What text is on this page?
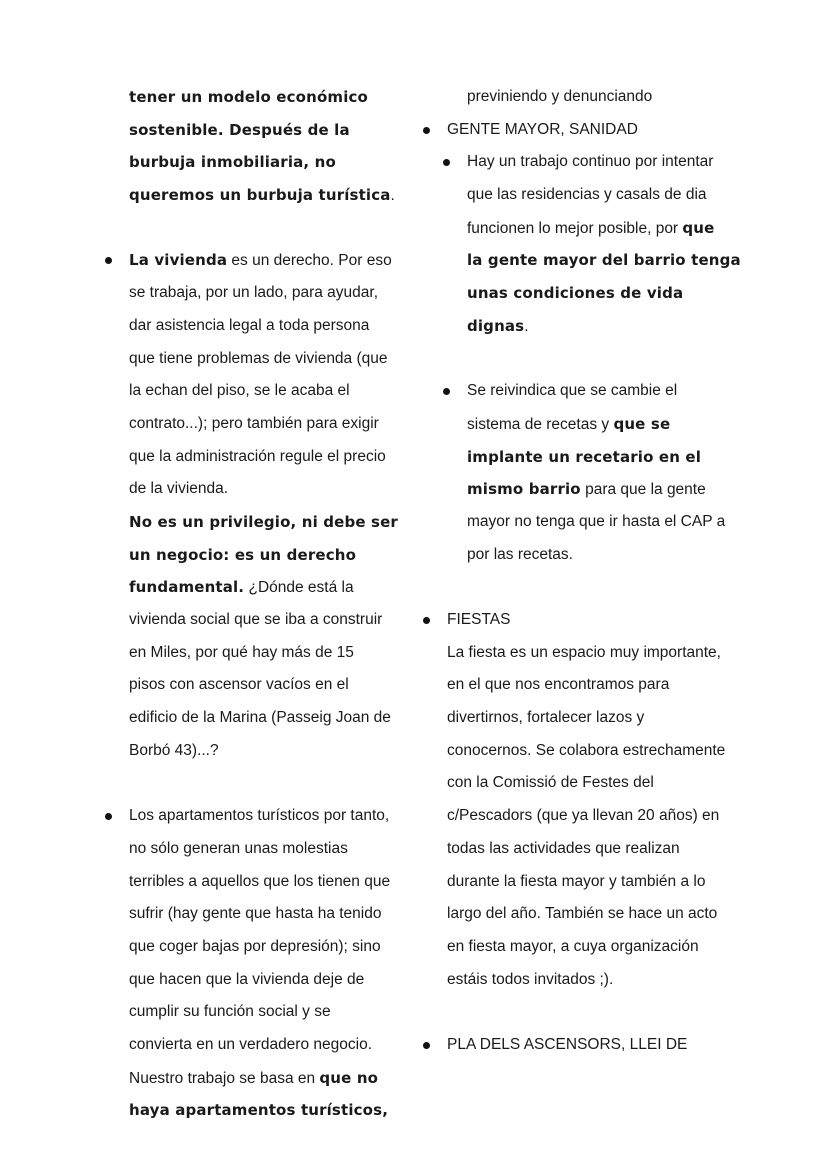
tener un modelo económico
sostenible. Después de la
burbuja inmobiliaria, no
queremos un burbuja turística.
La vivienda es un derecho. Por eso
se trabaja, por un lado, para ayudar,
dar asistencia legal a toda persona
que tiene problemas de vivienda (que
la echan del piso, se le acaba el
contrato...); pero también para exigir
que la administración regule el precio
de la vivienda.
No es un privilegio, ni debe ser
un negocio: es un derecho
fundamental. ¿Dónde está la
vivienda social que se iba a construir
en Miles, por qué hay más de 15
pisos con ascensor vacíos en el
edificio de la Marina (Passeig Joan de
Borbó 43)...?
Los apartamentos turísticos por tanto,
no sólo generan unas molestias
terribles a aquellos que los tienen que
sufrir (hay gente que hasta ha tenido
que coger bajas por depresión); sino
que hacen que la vivienda deje de
cumplir su función social y se
convierta en un verdadero negocio.
Nuestro trabajo se basa en que no
haya apartamentos turísticos,
previniendo y denunciando
GENTE MAYOR, SANIDAD
Hay un trabajo continuo por intentar
que las residencias y casals de dia
funcionen lo mejor posible, por que
la gente mayor del barrio tenga
unas condiciones de vida
dignas.
Se reivindica que se cambie el
sistema de recetas y que se
implante un recetario en el
mismo barrio para que la gente
mayor no tenga que ir hasta el CAP a
por las recetas.
FIESTAS
La fiesta es un espacio muy importante,
en el que nos encontramos para
divertirnos, fortalecer lazos y
conocernos. Se colabora estrechamente
con la Comissió de Festes del
c/Pescadors (que ya llevan 20 años) en
todas las actividades que realizan
durante la fiesta mayor y también a lo
largo del año. También se hace un acto
en fiesta mayor, a cuya organización
estáis todos invitados ;).
PLA DELS ASCENSORS, LLEI DE
